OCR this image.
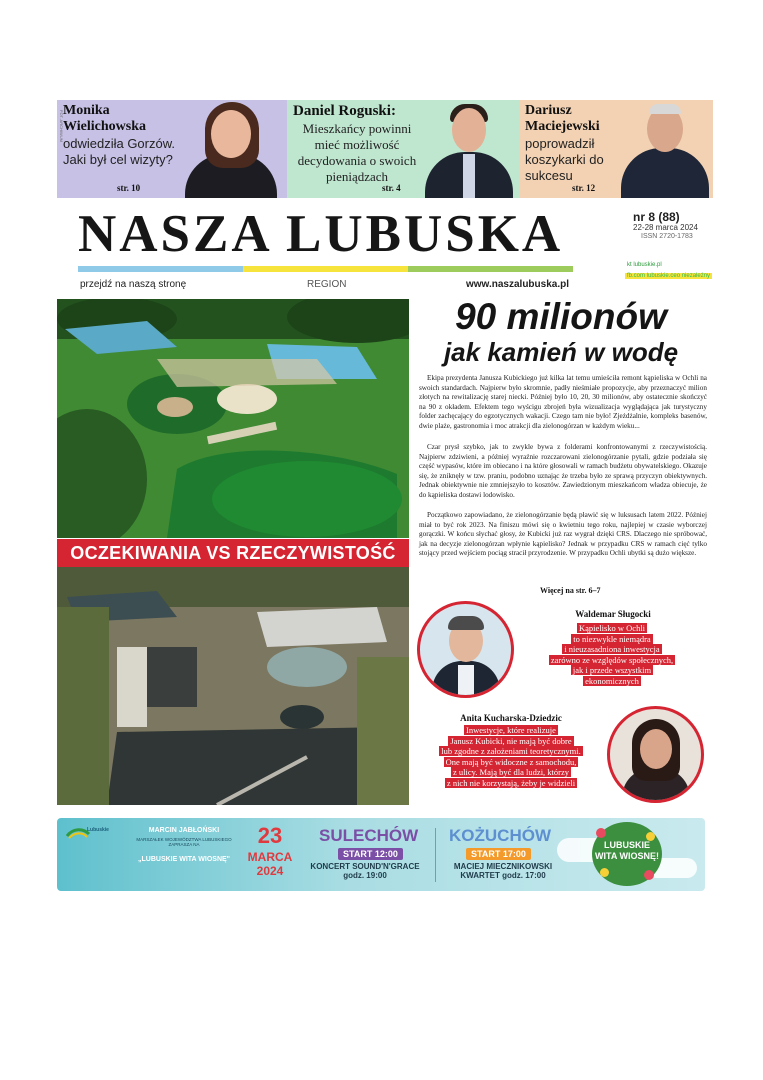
Monika Wielichowska
odwiedziła Gorzów. Jaki był cel wizyty?
str. 10
FOT. ARCHIWUM	Daniel Roguski:
Mieszkańcy powinni mieć możliwość decydowania o swoich pieniądzach
str. 4
Dariusz Maciejewski
poprowadził koszykarki do sukcesu
str. 12
NASZA LUBUSKA	nr 8 (88)
22-28 marca 2024
ISSN 2720-1783
kt lubuskie.pl
fb.com lubuskie.ceo niezależny
przejdź na naszą stronę	REGION	www.naszalubuska.pl
OCZEKIWANIA VS RZECZYWISTOŚĆ
90 milionów
jak kamień w wodę

Ekipa prezydenta Janusza Kubickiego już kilka lat temu umieściła remont kąpieliska w Ochli na swoich standardach. Najpierw było skromnie, padły nieśmiałe propozycje, aby przeznaczyć milion złotych na rewitalizację starej niecki. Później było 10, 20, 30 milionów, aby ostatecznie skończyć na 90 z okładem. Efektem tego wyścigu zbrojeń była wizualizacja wyglądająca jak turystyczny folder zachęcający do egzotycznych wakacji. Czego tam nie było! Zjeżdżalnie, kompleks basenów, dwie plaże, gastronomia i moc atrakcji dla zielonogórzan w każdym wieku...

Czar prysł szybko, jak to zwykle bywa z folderami konfrontowanymi z rzeczywistością. Najpierw zdziwieni, a później wyraźnie rozczarowani zielonogórzanie pytali, gdzie podziała się część wypasów, które im obiecano i na które głosowali w ramach budżetu obywatelskiego. Okazuje się, że zniknęły w tzw. praniu, podobno uznając że trzeba było ze sprawą przyczyn obiektywnych. Jednak obiektywnie nie zmniejszyło to kosztów. Zawiedzionym mieszkańcom władza obiecuje, że do kąpieliska dostawi lodowisko.

Początkowo zapowiadano, że zielonogórzanie będą pławić się w luksusach latem 2022. Później miał to być rok 2023. Na finiszu mówi się o kwietniu tego roku, najlepiej w czasie wyborczej gorączki. W końcu słychać głosy, że Kubicki już raz wygrał dzięki CRS. Dlaczego nie spróbować, jak na decyzje zielonogórzan wpłynie kąpielisko? Jednak w przypadku CRS w ramach cięć tylko stojący przed wejściem pociąg stracił przyrodzenie. W przypadku Ochli ubytki są dużo większe.

Więcej na str. 6–7
Waldemar Sługocki
Kąpielisko w Ochli
to niezwykle niemądra
i nieuzasadniona inwestycja
zarówno ze względów społecznych,
jak i przede wszystkim
ekonomicznych
Anita Kucharska-Dziedzic
Inwestycje, które realizuje
Janusz Kubicki, nie mają być dobre
lub zgodne z założeniami teoretycznymi.
One mają być widoczne z samochodu,
z ulicy. Mają być dla ludzi, którzy
z nich nie korzystają, żeby je widzieli
Lubuskie	MARCIN JABŁOŃSKI
MARSZAŁEK WOJEWÓDZTWA LUBUSKIEGO ZAPRASZA NA
„LUBUSKIE WITA WIOSNĘ"
23
MARCA
2024
SULECHÓW
START 12:00
KONCERT SOUND'N'GRACE godz. 19:00
KOŻUCHÓW
START 17:00
MACIEJ MIECZNIKOWSKI KWARTET godz. 17:00
LUBUSKIE WITA WIOSNĘ!
